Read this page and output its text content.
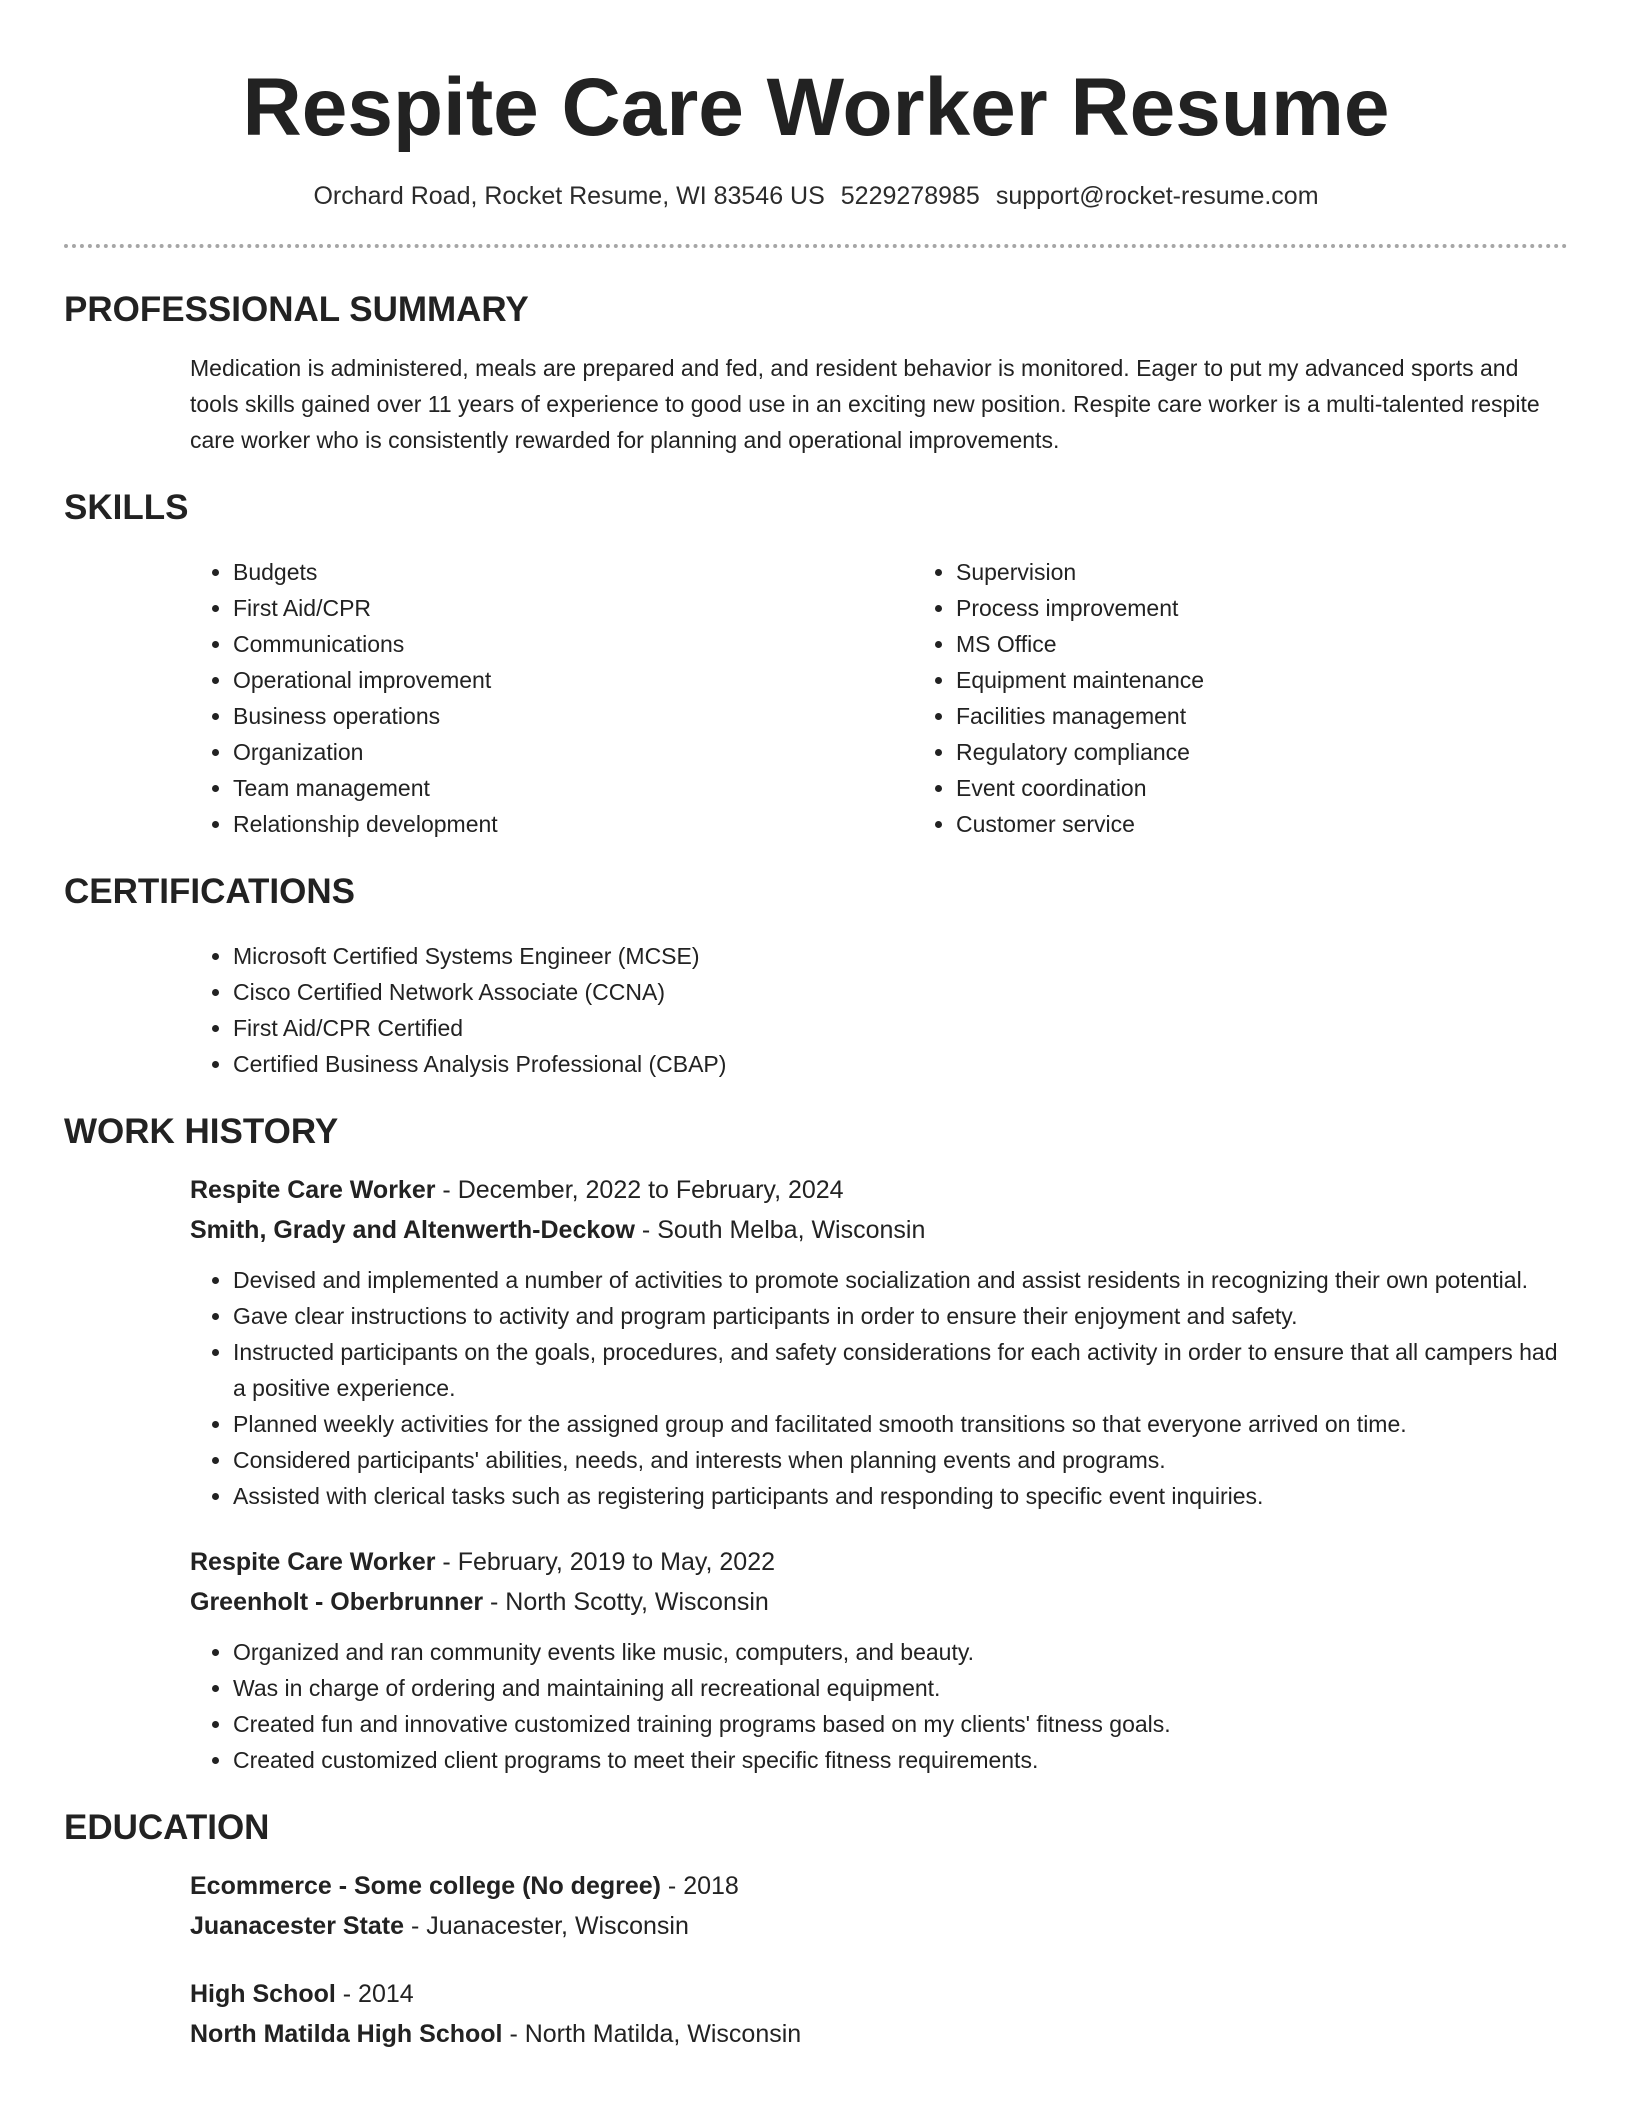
Respite Care Worker Resume
Orchard Road, Rocket Resume, WI 83546 US 5229278985 support@rocket-resume.com
PROFESSIONAL SUMMARY

Medication is administered, meals are prepared and fed, and resident behavior is monitored. Eager to put my advanced sports and tools skills gained over 11 years of experience to good use in an exciting new position. Respite care worker is a multi-talented respite care worker who is consistently rewarded for planning and operational improvements.

SKILLS
• Budgets
• First Aid/CPR
• Communications
• Operational improvement
• Business operations
• Organization
• Team management
• Relationship development
• Supervision
• Process improvement
• MS Office
• Equipment maintenance
• Facilities management
• Regulatory compliance
• Event coordination
• Customer service
CERTIFICATIONS
• Microsoft Certified Systems Engineer (MCSE)
• Cisco Certified Network Associate (CCNA)
• First Aid/CPR Certified
• Certified Business Analysis Professional (CBAP)
WORK HISTORY
Respite Care Worker - December, 2022 to February, 2024
Smith, Grady and Altenwerth-Deckow - South Melba, Wisconsin
• Devised and implemented a number of activities to promote socialization and assist residents in recognizing their own potential.
• Gave clear instructions to activity and program participants in order to ensure their enjoyment and safety.
• Instructed participants on the goals, procedures, and safety considerations for each activity in order to ensure that all campers had a positive experience.
• Planned weekly activities for the assigned group and facilitated smooth transitions so that everyone arrived on time.
• Considered participants' abilities, needs, and interests when planning events and programs.
• Assisted with clerical tasks such as registering participants and responding to specific event inquiries.
Respite Care Worker - February, 2019 to May, 2022
Greenholt - Oberbrunner - North Scotty, Wisconsin
• Organized and ran community events like music, computers, and beauty.
• Was in charge of ordering and maintaining all recreational equipment.
• Created fun and innovative customized training programs based on my clients' fitness goals.
• Created customized client programs to meet their specific fitness requirements.
EDUCATION
Ecommerce - Some college (No degree) - 2018
Juanacester State - Juanacester, Wisconsin
High School - 2014
North Matilda High School - North Matilda, Wisconsin
